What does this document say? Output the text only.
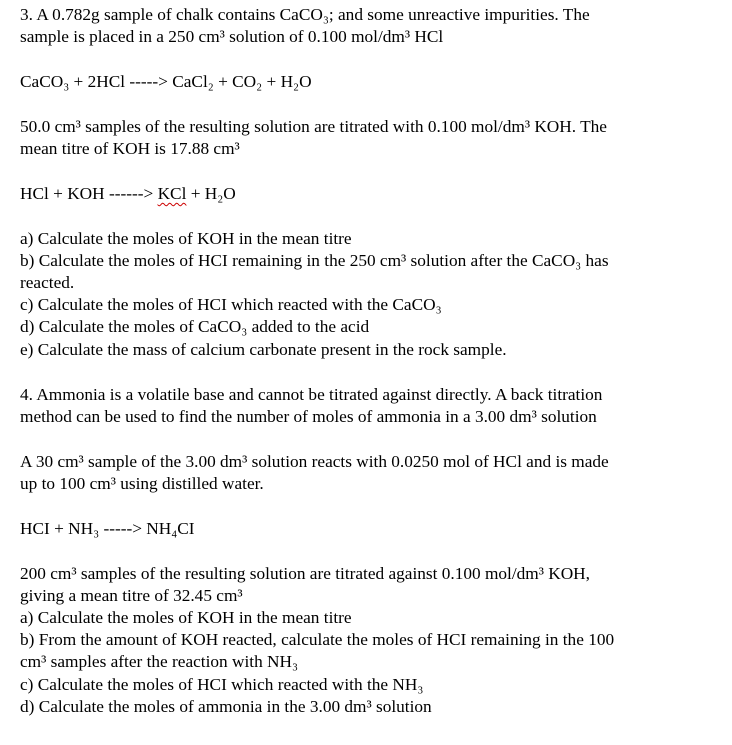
3. A 0.782g sample of chalk contains CaCO₃; and some unreactive impurities. The
sample is placed in a 250 cm³ solution of 0.100 mol/dm³ HCl
CaCO₃ + 2HCl -----> CaCl₂ + CO₂ + H₂O
50.0 cm³ samples of the resulting solution are titrated with 0.100 mol/dm³ KOH. The
mean titre of KOH is 17.88 cm³
HCl + KOH ------> KCl + H₂O
a) Calculate the moles of KOH in the mean titre
b) Calculate the moles of HCI remaining in the 250 cm³ solution after the CaCO₃ has
reacted.
c) Calculate the moles of HCI which reacted with the CaCO₃
d) Calculate the moles of CaCO₃ added to the acid
e) Calculate the mass of calcium carbonate present in the rock sample.
4. Ammonia is a volatile base and cannot be titrated against directly. A back titration
method can be used to find the number of moles of ammonia in a 3.00 dm³ solution
A 30 cm³ sample of the 3.00 dm³ solution reacts with 0.0250 mol of HCl and is made
up to 100 cm³ using distilled water.
HCI + NH₃ -----> NH₄CI
200 cm³ samples of the resulting solution are titrated against 0.100 mol/dm³ KOH,
giving a mean titre of 32.45 cm³
a) Calculate the moles of KOH in the mean titre
b) From the amount of KOH reacted, calculate the moles of HCI remaining in the 100
cm³ samples after the reaction with NH₃
c) Calculate the moles of HCI which reacted with the NH₃
d) Calculate the moles of ammonia in the 3.00 dm³ solution
